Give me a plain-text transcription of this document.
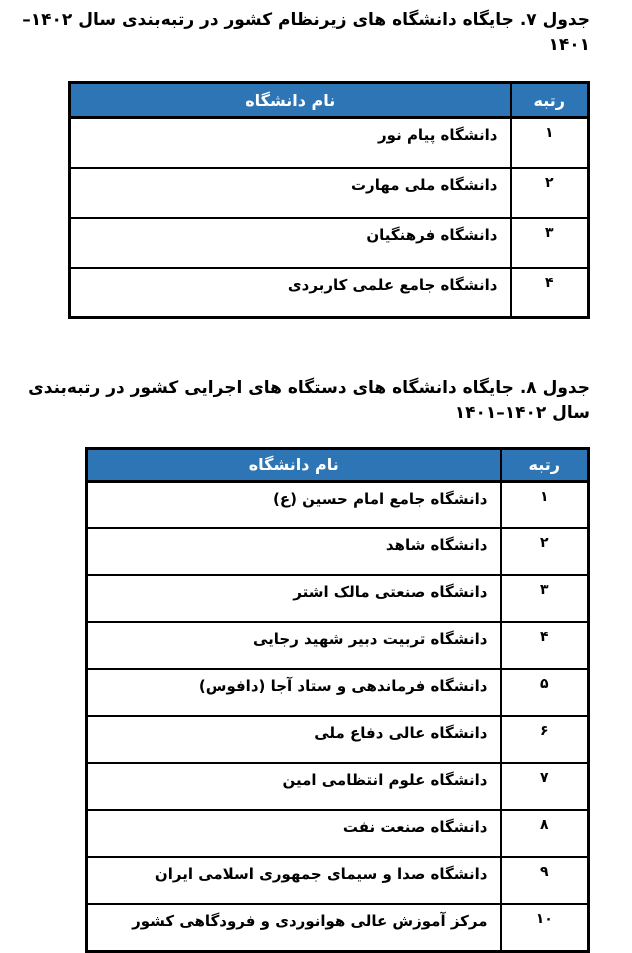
جدول ۷. جایگاه دانشگاه های زیرنظام کشور در رتبه‌بندی سال ۱۴۰۲–۱۴۰۱
رتبه	نام دانشگاه
۱	دانشگاه پیام نور
۲	دانشگاه ملی مهارت
۳	دانشگاه فرهنگیان
۴	دانشگاه جامع علمی کاربردی
جدول ۸. جایگاه دانشگاه های دستگاه های اجرایی کشور در رتبه‌بندی سال ۱۴۰۲–۱۴۰۱
رتبه	نام دانشگاه
۱	دانشگاه جامع امام حسین (ع)
۲	دانشگاه شاهد
۳	دانشگاه صنعتی مالک اشتر
۴	دانشگاه تربیت دبیر شهید رجایی
۵	دانشگاه فرماندهی و ستاد آجا (دافوس)
۶	دانشگاه عالی دفاع ملی
۷	دانشگاه علوم انتظامی امین
۸	دانشگاه صنعت نفت
۹	دانشگاه صدا و سیمای جمهوری اسلامی ایران
۱۰	مرکز آموزش عالی هوانوردی و فرودگاهی کشور
